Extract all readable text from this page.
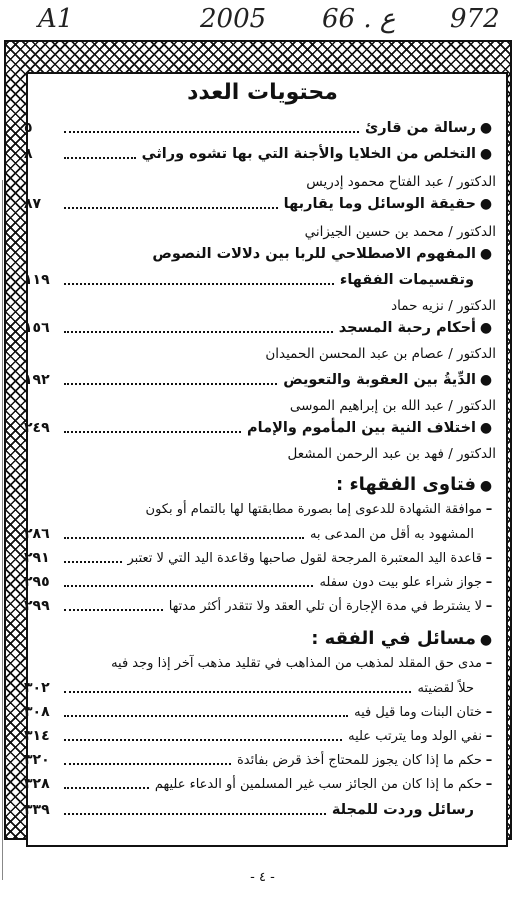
A1	2005 66 . ع 972
محتويات العدد
●
رسالة من قارئ
٥
●
التخلص من الخلايا والأجنة التي بها تشوه وراثي
٨
الدكتور / عبد الفتاح محمود إدريس
●
حقيقة الوسائل وما يقاربها
٨٧
الدكتور / محمد بن حسين الجيزاني
●
المفهوم الاصطلاحي للربا بين دلالات النصوص
وتقسيمات الفقهاء
١١٩
الدكتور / نزيه حماد
●
أحكام رحبة المسجد
١٥٦
الدكتور / عصام بن عبد المحسن الحميدان
●
الدِّيةُ بين العقوبة والتعويض
١٩٢
الدكتور / عبد الله بن إبراهيم الموسى
●
اختلاف النية بين المأموم والإمام
٢٤٩
الدكتور / فهد بن عبد الرحمن المشعل
●
فتاوى الفقهاء :
–
موافقة الشهادة للدعوى إما بصورة مطابقتها لها بالتمام أو بكون
المشهود به أقل من المدعى به
٢٨٦
–
قاعدة اليد المعتبرة المرجحة لقول صاحبها وقاعدة اليد التي لا تعتبر
٢٩١
–
جواز شراء علو بيت دون سفله
٢٩٥
–
لا يشترط في مدة الإجارة أن تلي العقد ولا تتقدر أكثر مدتها
٢٩٩
●
مسائل في الفقه :
–
مدى حق المقلد لمذهب من المذاهب في تقليد مذهب آخر إذا وجد فيه
حلاً لقضيته
٣٠٢
–
ختان البنات وما قيل فيه
٣٠٨
–
نفي الولد وما يترتب عليه
٣١٤
–
حكم ما إذا كان يجوز للمحتاج أخذ قرض بفائدة
٣٢٠
–
حكم ما إذا كان من الجائز سب غير المسلمين أو الدعاء عليهم
٣٢٨
رسائل وردت للمجلة
٣٣٩
- ٤ -
